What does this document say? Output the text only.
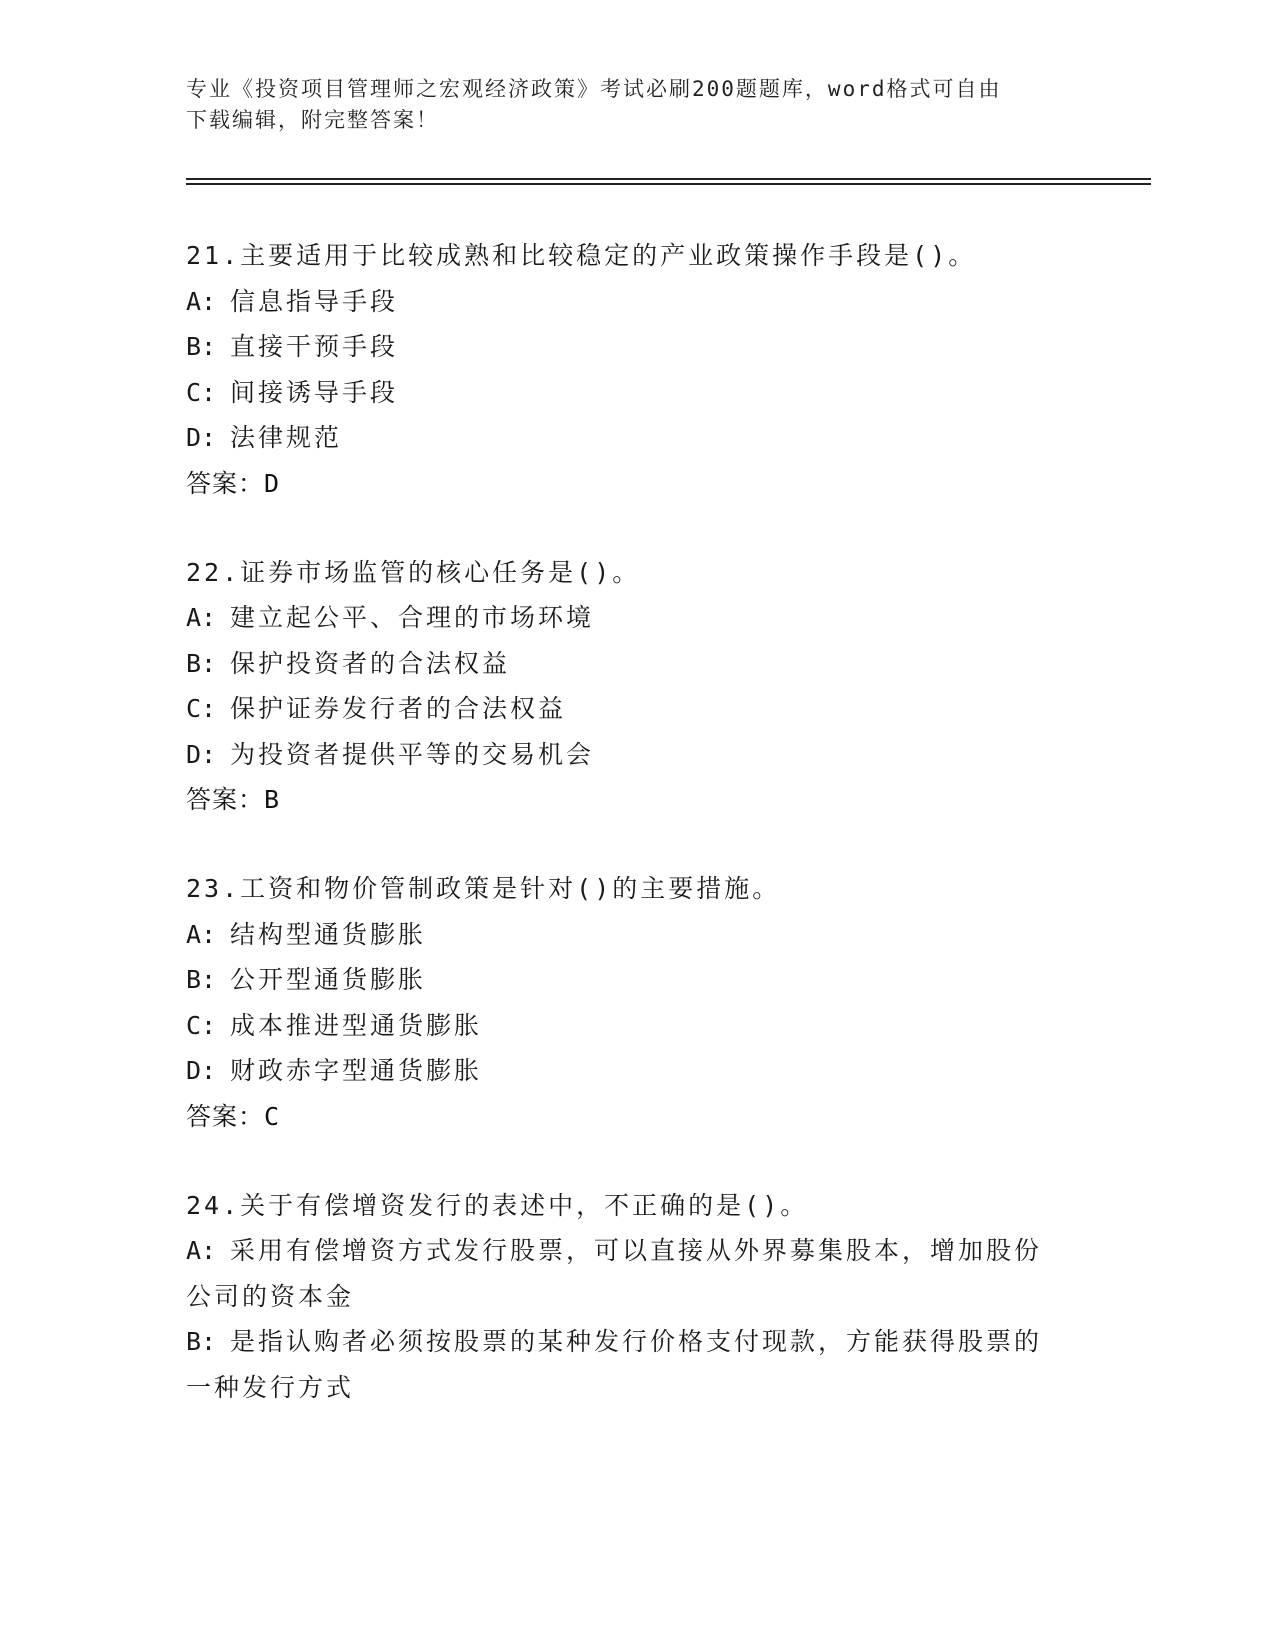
专业《投资项目管理师之宏观经济政策》考试必刷200题题库，word格式可自由
下载编辑，附完整答案！
21.主要适用于比较成熟和比较稳定的产业政策操作手段是()。
A: 信息指导手段
B: 直接干预手段
C: 间接诱导手段
D: 法律规范
答案：D
22.证券市场监管的核心任务是()。
A: 建立起公平、合理的市场环境
B: 保护投资者的合法权益
C: 保护证券发行者的合法权益
D: 为投资者提供平等的交易机会
答案：B
23.工资和物价管制政策是针对()的主要措施。
A: 结构型通货膨胀
B: 公开型通货膨胀
C: 成本推进型通货膨胀
D: 财政赤字型通货膨胀
答案：C
24.关于有偿增资发行的表述中，不正确的是()。
A: 采用有偿增资方式发行股票，可以直接从外界募集股本，增加股份
公司的资本金
B: 是指认购者必须按股票的某种发行价格支付现款，方能获得股票的
一种发行方式
